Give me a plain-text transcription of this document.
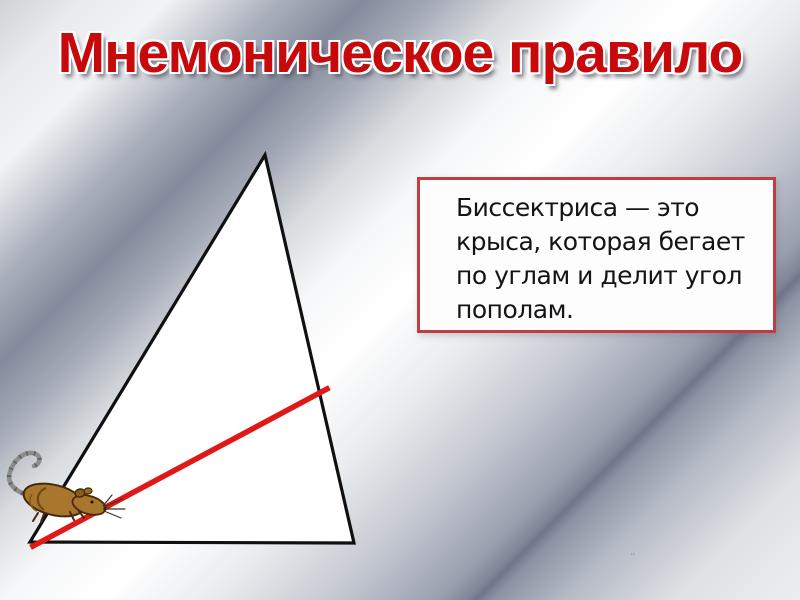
Мнемоническое правило
Биссектриса — это
крыса, которая бегает
по углам и делит угол
пополам.
''
